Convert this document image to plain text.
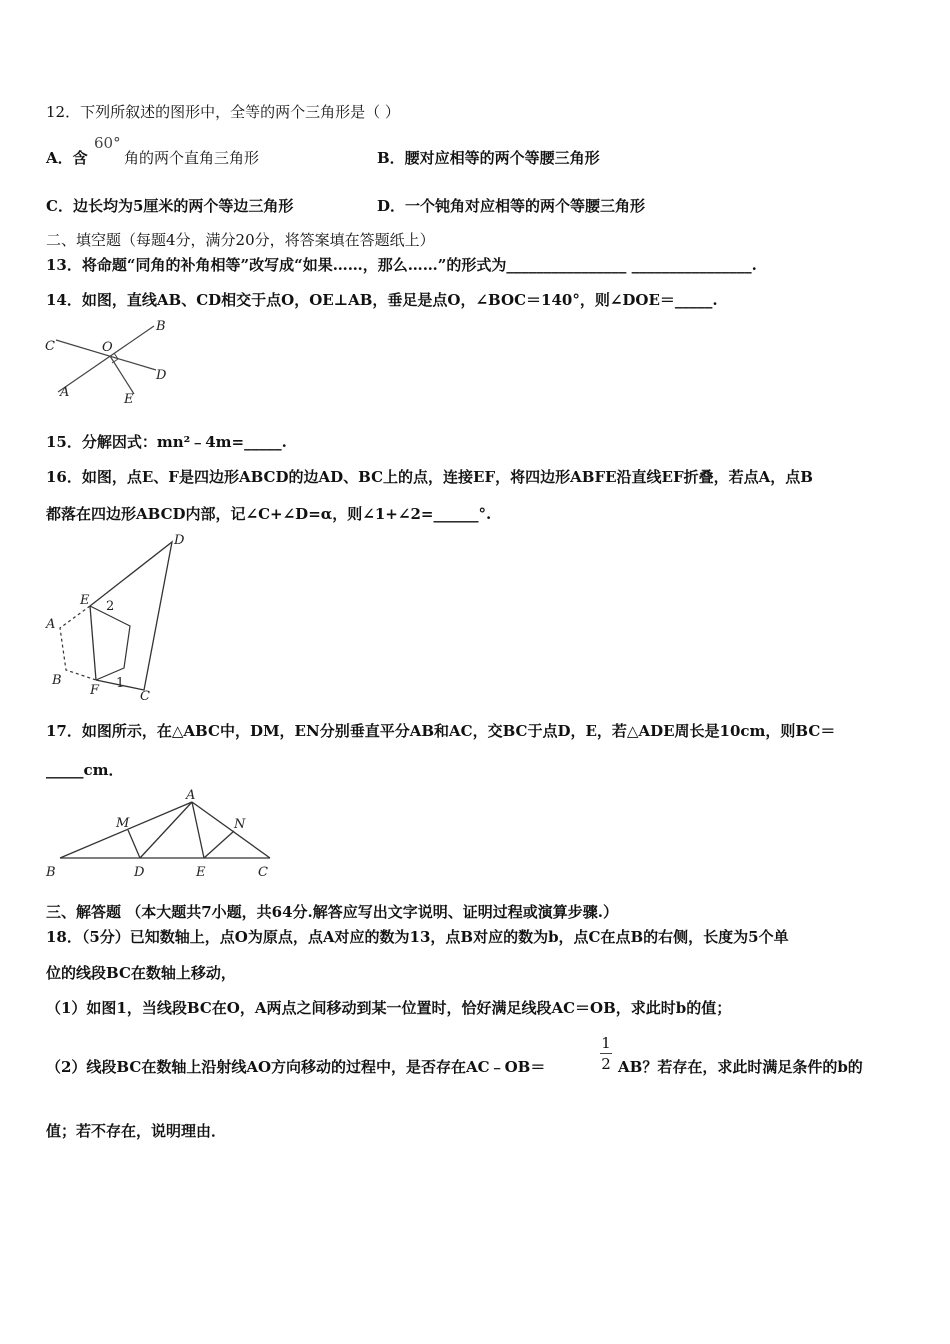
12．下列所叙述的图形中，全等的两个三角形是（ ）
A．含
60°
角的两个直角三角形	B．腰对应相等的两个等腰三角形
C．边长均为5厘米的两个等边三角形	D．一个钝角对应相等的两个等腰三角形
二、填空题（每题4分，满分20分，将答案填在答题纸上）
13．将命题“同角的补角相等”改写成“如果……，那么……”的形式为________________ ________________.
14．如图，直线AB、CD相交于点O，OE⊥AB，垂足是点O，∠BOC＝140°，则∠DOE＝_____.
B
C	O
D
A	E
15．分解因式：mn²﹣4m=_____.
16．如图，点E、F是四边形ABCD的边AD、BC上的点，连接EF，将四边形ABFE沿直线EF折叠，若点A，点B
都落在四边形ABCD内部，记∠C+∠D=α，则∠1+∠2=______°.
D
E 2
A
B
F 1
C
17．如图所示，在△ABC中，DM，EN分别垂直平分AB和AC，交BC于点D，E，若△ADE周长是10cm，则BC＝
_____cm．
A
M	N
B	D	E	C
三、解答题 （本大题共7小题，共64分.解答应写出文字说明、证明过程或演算步骤.）
18．（5分）已知数轴上，点O为原点，点A对应的数为13，点B对应的数为b，点C在点B的右侧，长度为5个单
位的线段BC在数轴上移动，
（1）如图1，当线段BC在O，A两点之间移动到某一位置时，恰好满足线段AC＝OB，求此时b的值；
（2）线段BC在数轴上沿射线AO方向移动的过程中，是否存在AC﹣OB＝
1
2 AB？若存在，求此时满足条件的b的
值；若不存在，说明理由．
